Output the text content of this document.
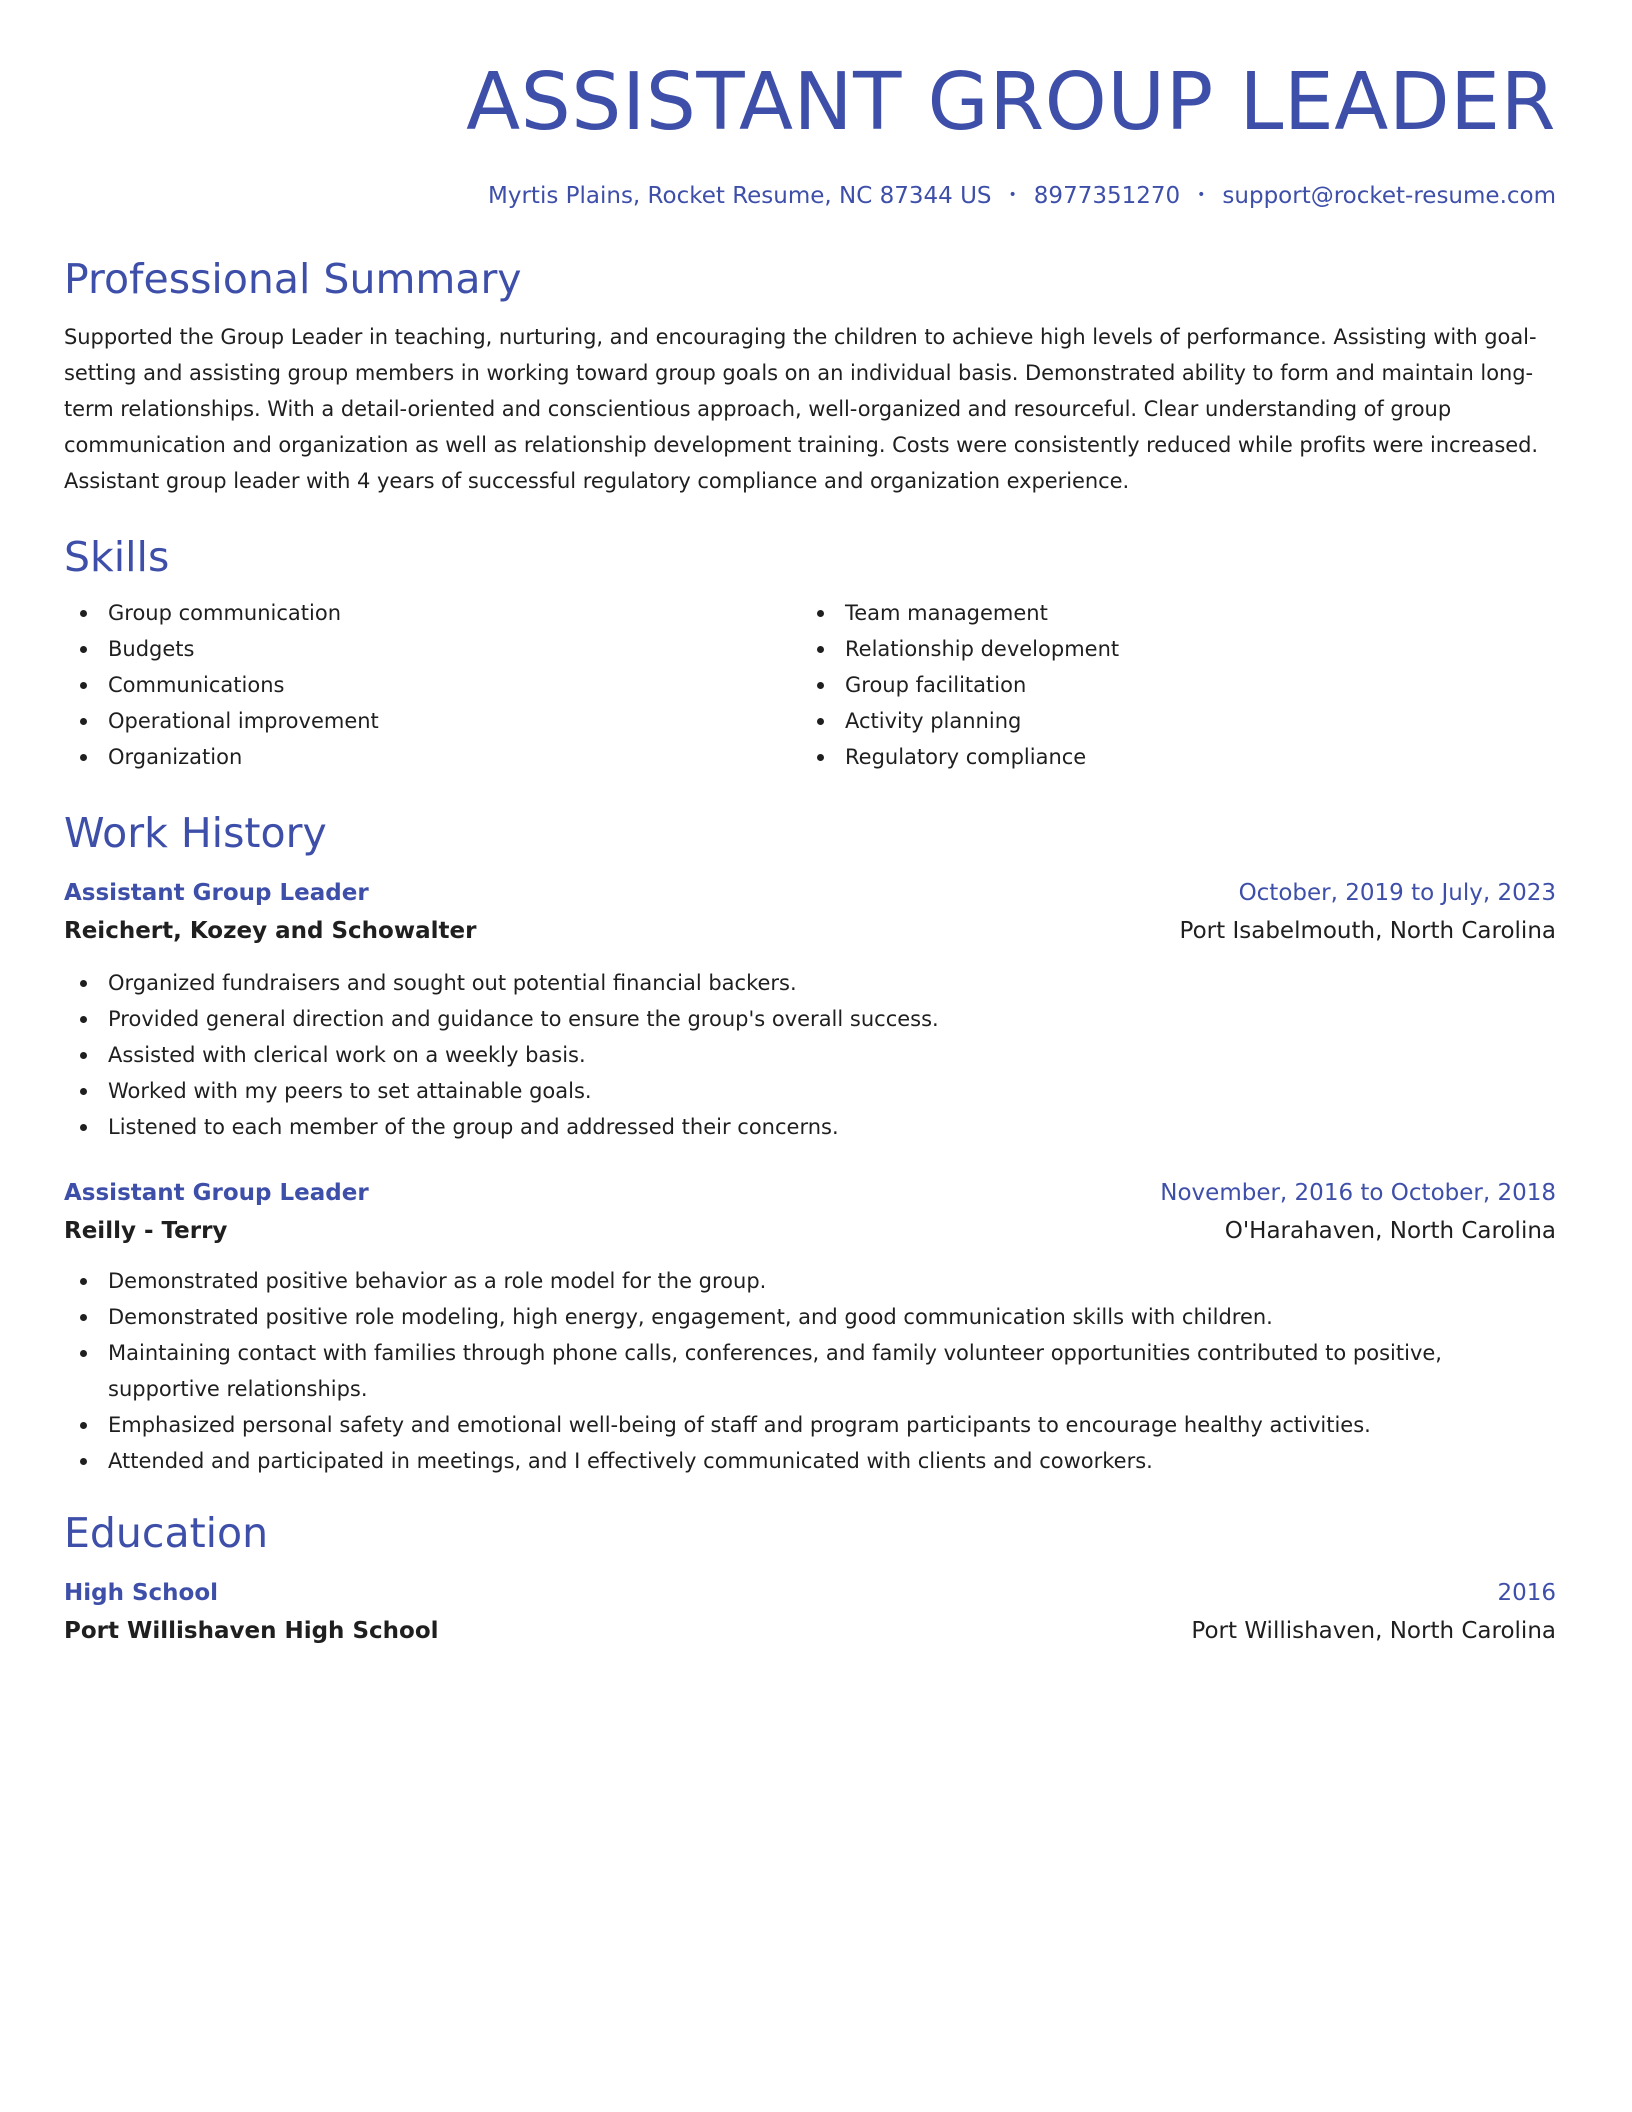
ASSISTANT GROUP LEADER
Myrtis Plains, Rocket Resume, NC 87344 US • 8977351270 • support@rocket-resume.com
Professional Summary

Supported the Group Leader in teaching, nurturing, and encouraging the children to achieve high levels of performance. Assisting with goal-setting and assisting group members in working toward group goals on an individual basis. Demonstrated ability to form and maintain long-term relationships. With a detail-oriented and conscientious approach, well-organized and resourceful. Clear understanding of group communication and organization as well as relationship development training. Costs were consistently reduced while profits were increased. Assistant group leader with 4 years of successful regulatory compliance and organization experience.

Skills
Group communication
Budgets
Communications
Operational improvement
Organization
Team management
Relationship development
Group facilitation
Activity planning
Regulatory compliance
Work History
Assistant Group Leader	October, 2019 to July, 2023
Reichert, Kozey and Schowalter	Port Isabelmouth, North Carolina
Organized fundraisers and sought out potential financial backers.
Provided general direction and guidance to ensure the group's overall success.
Assisted with clerical work on a weekly basis.
Worked with my peers to set attainable goals.
Listened to each member of the group and addressed their concerns.
Assistant Group Leader	November, 2016 to October, 2018
Reilly - Terry	O'Harahaven, North Carolina
Demonstrated positive behavior as a role model for the group.
Demonstrated positive role modeling, high energy, engagement, and good communication skills with children.
Maintaining contact with families through phone calls, conferences, and family volunteer opportunities contributed to positive, supportive relationships.
Emphasized personal safety and emotional well-being of staff and program participants to encourage healthy activities.
Attended and participated in meetings, and I effectively communicated with clients and coworkers.
Education
High School	2016
Port Willishaven High School	Port Willishaven, North Carolina
